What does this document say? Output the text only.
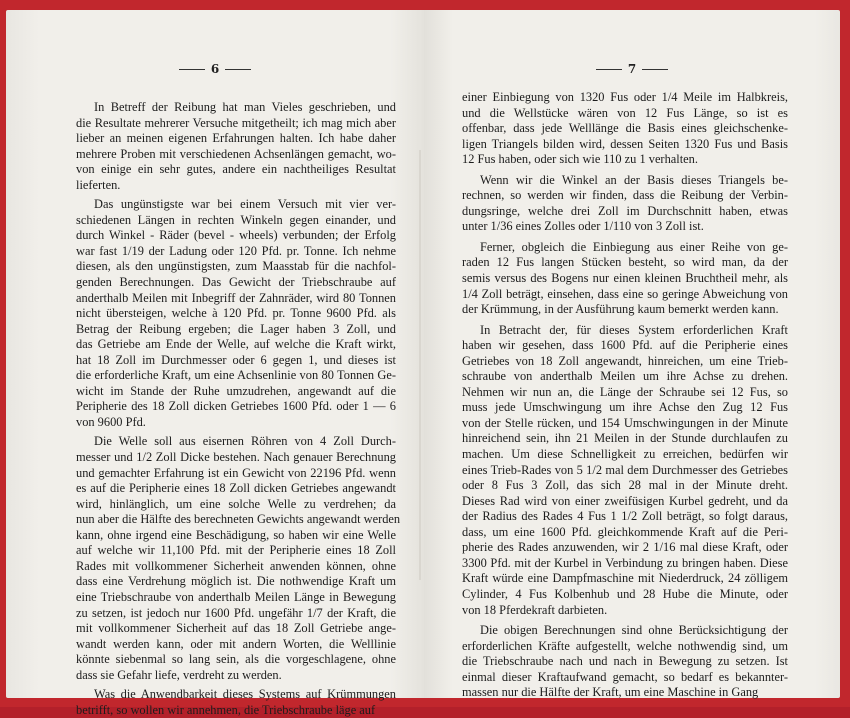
6
In Betreff der Reibung hat man Vieles geschrieben, und
die Resultate mehrerer Versuche mitgetheilt; ich mag mich aber
lieber an meinen eigenen Erfahrungen halten. Ich habe daher
mehrere Proben mit verschiedenen Achsenlängen gemacht, wo-
von einige ein sehr gutes, andere ein nachtheiliges Resultat
lieferten.
Das ungünstigste war bei einem Versuch mit vier ver-
schiedenen Längen in rechten Winkeln gegen einander, und
durch Winkel - Räder (bevel - wheels) verbunden; der Erfolg
war fast 1/19 der Ladung oder 120 Pfd. pr. Tonne. Ich nehme
diesen, als den ungünstigsten, zum Maasstab für die nachfol-
genden Berechnungen. Das Gewicht der Triebschraube auf
anderthalb Meilen mit Inbegriff der Zahnräder, wird 80 Tonnen
nicht übersteigen, welche à 120 Pfd. pr. Tonne 9600 Pfd. als
Betrag der Reibung ergeben; die Lager haben 3 Zoll, und
das Getriebe am Ende der Welle, auf welche die Kraft wirkt,
hat 18 Zoll im Durchmesser oder 6 gegen 1, und dieses ist
die erforderliche Kraft, um eine Achsenlinie von 80 Tonnen Ge-
wicht im Stande der Ruhe umzudrehen, angewandt auf die
Peripherie des 18 Zoll dicken Getriebes 1600 Pfd. oder 1 — 6
von 9600 Pfd.
Die Welle soll aus eisernen Röhren von 4 Zoll Durch-
messer und 1/2 Zoll Dicke bestehen. Nach genauer Berechnung
und gemachter Erfahrung ist ein Gewicht von 22196 Pfd. wenn
es auf die Peripherie eines 18 Zoll dicken Getriebes angewandt
wird, hinlänglich, um eine solche Welle zu verdrehen; da
nun aber die Hälfte des berechneten Gewichts angewandt werden
kann, ohne irgend eine Beschädigung, so haben wir eine Welle
auf welche wir 11,100 Pfd. mit der Peripherie eines 18 Zoll
Rades mit vollkommener Sicherheit anwenden können, ohne
dass eine Verdrehung möglich ist. Die nothwendige Kraft um
eine Triebschraube von anderthalb Meilen Länge in Bewegung
zu setzen, ist jedoch nur 1600 Pfd. ungefähr 1/7 der Kraft, die
mit vollkommener Sicherheit auf das 18 Zoll Getriebe ange-
wandt werden kann, oder mit andern Worten, die Welllinie
könnte siebenmal so lang sein, als die vorgeschlagene, ohne
dass sie Gefahr liefe, verdreht zu werden.
Was die Anwendbarkeit dieses Systems auf Krümmungen
betrifft, so wollen wir annehmen, die Triebschraube läge auf
7
einer Einbiegung von 1320 Fus oder 1/4 Meile im Halbkreis,
und die Wellstücke wären von 12 Fus Länge, so ist es
offenbar, dass jede Welllänge die Basis eines gleichschenke-
ligen Triangels bilden wird, dessen Seiten 1320 Fus und Basis
12 Fus haben, oder sich wie 110 zu 1 verhalten.
Wenn wir die Winkel an der Basis dieses Triangels be-
rechnen, so werden wir finden, dass die Reibung der Verbin-
dungsringe, welche drei Zoll im Durchschnitt haben, etwas
unter 1/36 eines Zolles oder 1/110 von 3 Zoll ist.
Ferner, obgleich die Einbiegung aus einer Reihe von ge-
raden 12 Fus langen Stücken besteht, so wird man, da der
semis versus des Bogens nur einen kleinen Bruchtheil mehr, als
1/4 Zoll beträgt, einsehen, dass eine so geringe Abweichung von
der Krümmung, in der Ausführung kaum bemerkt werden kann.
In Betracht der, für dieses System erforderlichen Kraft
haben wir gesehen, dass 1600 Pfd. auf die Peripherie eines
Getriebes von 18 Zoll angewandt, hinreichen, um eine Trieb-
schraube von anderthalb Meilen um ihre Achse zu drehen.
Nehmen wir nun an, die Länge der Schraube sei 12 Fus, so
muss jede Umschwingung um ihre Achse den Zug 12 Fus
von der Stelle rücken, und 154 Umschwingungen in der Minute
hinreichend sein, ihn 21 Meilen in der Stunde durchlaufen zu
machen. Um diese Schnelligkeit zu erreichen, bedürfen wir
eines Trieb-Rades von 5 1/2 mal dem Durchmesser des Getriebes
oder 8 Fus 3 Zoll, das sich 28 mal in der Minute dreht.
Dieses Rad wird von einer zweifüsigen Kurbel gedreht, und da
der Radius des Rades 4 Fus 1 1/2 Zoll beträgt, so folgt daraus,
dass, um eine 1600 Pfd. gleichkommende Kraft auf die Peri-
pherie des Rades anzuwenden, wir 2 1/16 mal diese Kraft, oder
3300 Pfd. mit der Kurbel in Verbindung zu bringen haben. Diese
Kraft würde eine Dampfmaschine mit Niederdruck, 24 zölligem
Cylinder, 4 Fus Kolbenhub und 28 Hube die Minute, oder
von 18 Pferdekraft darbieten.
Die obigen Berechnungen sind ohne Berücksichtigung der
erforderlichen Kräfte aufgestellt, welche nothwendig sind, um
die Triebschraube nach und nach in Bewegung zu setzen. Ist
einmal dieser Kraftaufwand gemacht, so bedarf es bekannter-
massen nur die Hälfte der Kraft, um eine Maschine in Gang
